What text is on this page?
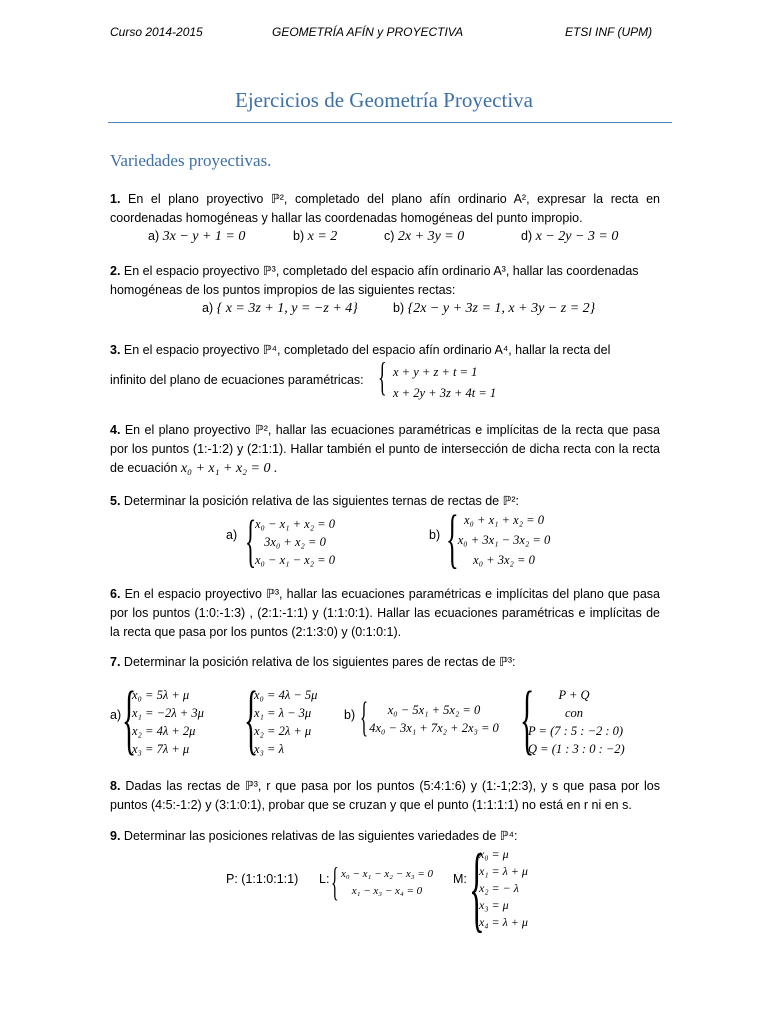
Curso 2014-2015	GEOMETRÍA AFÍN y PROYECTIVA	ETSI INF (UPM)
Ejercicios de Geometría Proyectiva
Variedades proyectivas.
1. En el plano proyectivo ℙ², completado del plano afín ordinario A², expresar la recta en coordenadas homogéneas y hallar las coordenadas homogéneas del punto impropio.
a) 3x − y + 1 = 0	b) x = 2	c) 2x + 3y = 0	d) x − 2y − 3 = 0
2. En el espacio proyectivo ℙ³, completado del espacio afín ordinario A³, hallar las coordenadas homogéneas de los puntos impropios de las siguientes rectas:
a) { x = 3z + 1, y = −z + 4}	b) {2x − y + 3z = 1, x + 3y − z = 2}
3. En el espacio proyectivo ℙ⁴, completado del espacio afín ordinario A⁴, hallar la recta del
infinito del plano de ecuaciones paramétricas: { x + y + z + t = 1
x + 2y + 3z + 4t = 1
4. En el plano proyectivo ℙ², hallar las ecuaciones paramétricas e implícitas de la recta que pasa por los puntos (1:-1:2) y (2:1:1). Hallar también el punto de intersección de dicha recta con la recta de ecuación x₀ + x₁ + x₂ = 0 .
5. Determinar la posición relativa de las siguientes ternas de rectas de ℙ²:
a) {
x₀ − x₁ + x₂ = 0
3x₀ + x₂ = 0
x₀ − x₁ − x₂ = 0
b) { x₀ + x₁ + x₂ = 0
x₀ + 3x₁ − 3x₂ = 0
x₀ + 3x₂ = 0
6. En el espacio proyectivo ℙ³, hallar las ecuaciones paramétricas e implícitas del plano que pasa por los puntos (1:0:-1:3) , (2:1:-1:1) y (1:1:0:1). Hallar las ecuaciones paramétricas e implícitas de la recta que pasa por los puntos (2:1:3:0) y (0:1:0:1).
7. Determinar la posición relativa de los siguientes pares de rectas de ℙ³:
a) {
x₀ = 5λ + μ
x₁ = −2λ + 3μ
x₂ = 4λ + 2μ
x₃ = 7λ + μ {
x₀ = 4λ − 5μ
x₁ = λ − 3μ
x₂ = 2λ + μ
x₃ = λ
b) {	x₀ − 5x₁ + 5x₂ = 0
4x₀ − 3x₁ + 7x₂ + 2x₃ = 0 {	P + Q
con
P = (7 : 5 : −2 : 0)
Q = (1 : 3 : 0 : −2)
8. Dadas las rectas de ℙ³, r que pasa por los puntos (5:4:1:6) y (1:-1;2:3), y s que pasa por los puntos (4:5:-1:2) y (3:1:0:1), probar que se cruzan y que el punto (1:1:1:1) no está en r ni en s.
9. Determinar las posiciones relativas de las siguientes variedades de ℙ⁴:
P: (1:1:0:1:1) L: { x₀ − x₁ − x₂ − x₃ = 0
x₁ − x₃ − x₄ = 0
M: {
x₀ = μ
x₁ = λ + μ
x₂ = − λ
x₃ = μ
x₄ = λ + μ
